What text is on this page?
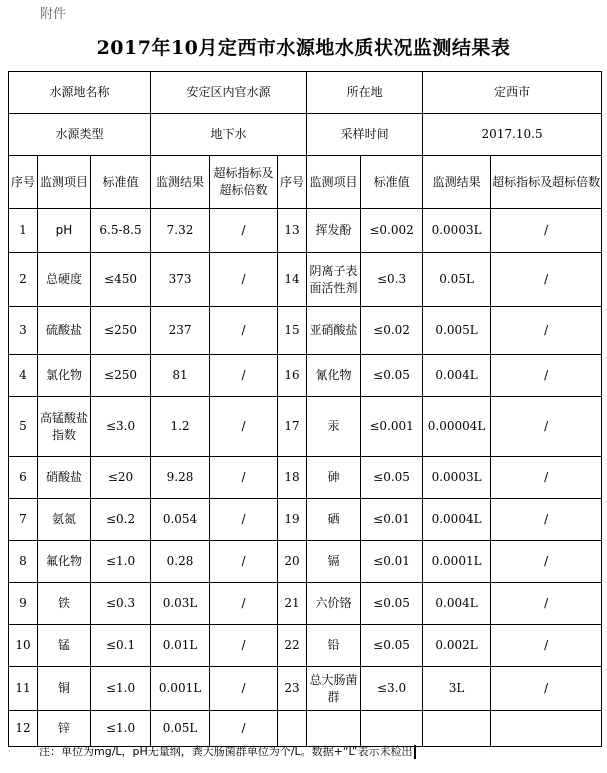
附件
2017年10月定西市水源地水质状况监测结果表
水源地名称			安定区内官水源			所在地		定西市	
水源类型			地下水			采样时间		2017.10.5	
序号	监测项目	标准值	监测结果	超标指标及超标倍数	序号	监测项目	标准值	监测结果	超标指标及超标倍数
1	pH	6.5-8.5	7.32	/	13	挥发酚	≤0.002	0.0003L	/
2	总硬度	≤450	373	/	14	阴离子表面活性剂	≤0.3	0.05L	/
3	硫酸盐	≤250	237	/	15	亚硝酸盐	≤0.02	0.005L	/
4	氯化物	≤250	81	/	16	氰化物	≤0.05	0.004L	/
5	高锰酸盐指数	≤3.0	1.2	/	17	汞	≤0.001	0.00004L	/
6	硝酸盐	≤20	9.28	/	18	砷	≤0.05	0.0003L	/
7	氨氮	≤0.2	0.054	/	19	硒	≤0.01	0.0004L	/
8	氟化物	≤1.0	0.28	/	20	镉	≤0.01	0.0001L	/
9	铁	≤0.3	0.03L	/	21	六价铬	≤0.05	0.004L	/
10	锰	≤0.1	0.01L	/	22	铅	≤0.05	0.002L	/
11	铜	≤1.0	0.001L	/	23	总大肠菌群	≤3.0	3L	/
12	锌	≤1.0	0.05L	/					
·	注：单位为mg/L，pH无量纲，粪大肠菌群单位为个/L。数据+“L”表示未检出
